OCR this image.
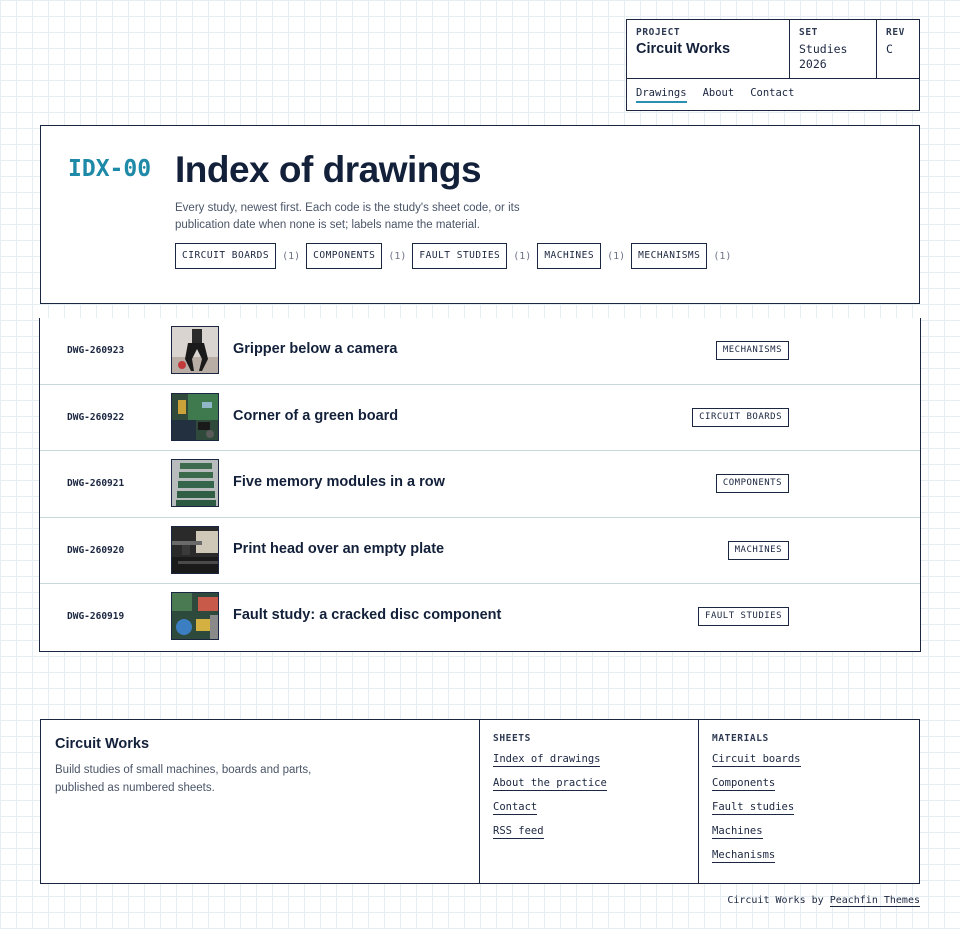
PROJECT
Circuit Works
SET
Studies
2026
REV
C
Drawings About Contact
IDX-00 Index of drawings

Every study, newest first. Each code is the study's sheet code, or its publication date when none is set; labels name the material.

CIRCUIT BOARDS	(1)	COMPONENTS	(1)	FAULT STUDIES	(1)	MACHINES	(1)	MECHANISMS	(1)
DWG-260923	Gripper below a camera	MECHANISMS
DWG-260922	Corner of a green board	CIRCUIT BOARDS
DWG-260921	Five memory modules in a row	COMPONENTS
DWG-260920	Print head over an empty plate	MACHINES
DWG-260919	Fault study: a cracked disc component	FAULT STUDIES
Circuit Works

Build studies of small machines, boards and parts, published as numbered sheets.

SHEETS
Index of drawings
About the practice
Contact
RSS feed
MATERIALS
Circuit boards
Components
Fault studies
Machines
Mechanisms
Circuit Works by Peachfin Themes
